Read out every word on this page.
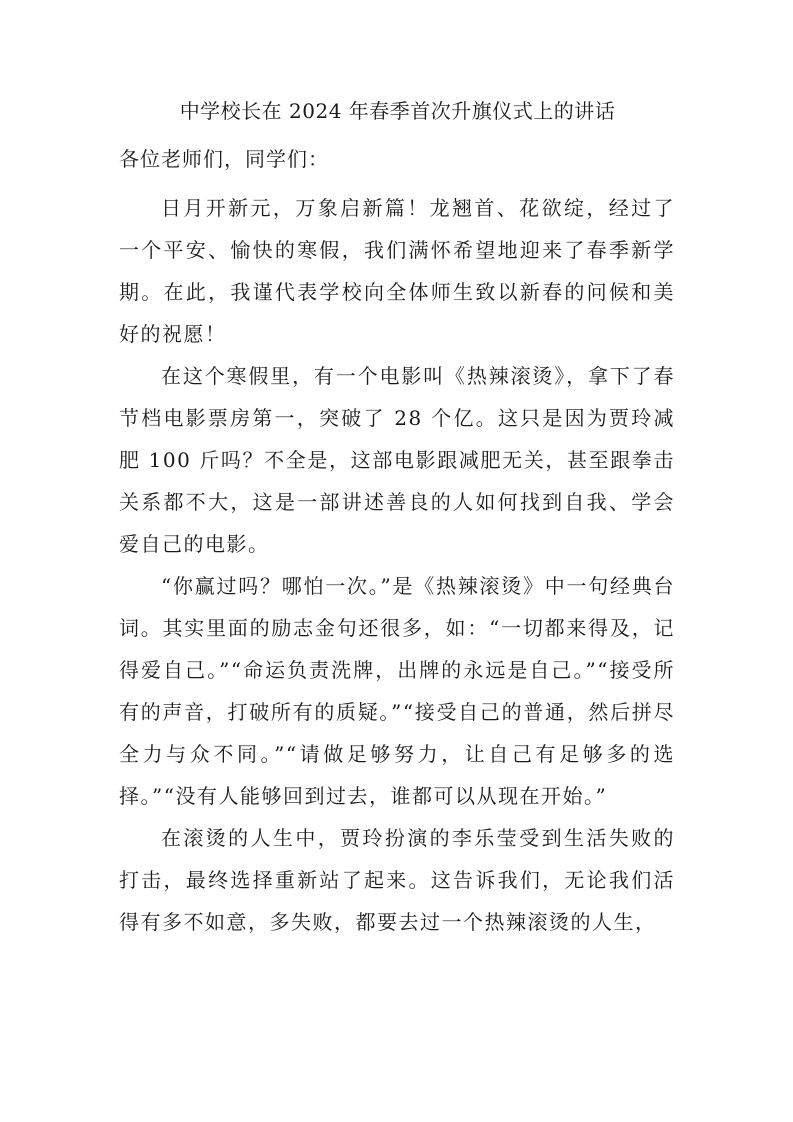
中学校长在 2024 年春季首次升旗仪式上的讲话
各位老师们，同学们：

日月开新元，万象启新篇！龙翘首、花欲绽，经过了一个平安、愉快的寒假，我们满怀希望地迎来了春季新学期。在此，我谨代表学校向全体师生致以新春的问候和美好的祝愿！

在这个寒假里，有一个电影叫《热辣滚烫》，拿下了春节档电影票房第一，突破了 28 个亿。这只是因为贾玲减肥 100 斤吗？不全是，这部电影跟减肥无关，甚至跟拳击关系都不大，这是一部讲述善良的人如何找到自我、学会爱自己的电影。

“你赢过吗？哪怕一次。”是《热辣滚烫》中一句经典台词。其实里面的励志金句还很多，如：“一切都来得及，记得爱自己。”“命运负责洗牌，出牌的永远是自己。”“接受所有的声音，打破所有的质疑。”“接受自己的普通，然后拼尽全力与众不同。”“请做足够努力，让自己有足够多的选择。”“没有人能够回到过去，谁都可以从现在开始。”

在滚烫的人生中，贾玲扮演的李乐莹受到生活失败的打击，最终选择重新站了起来。这告诉我们，无论我们活得有多不如意，多失败，都要去过一个热辣滚烫的人生，
